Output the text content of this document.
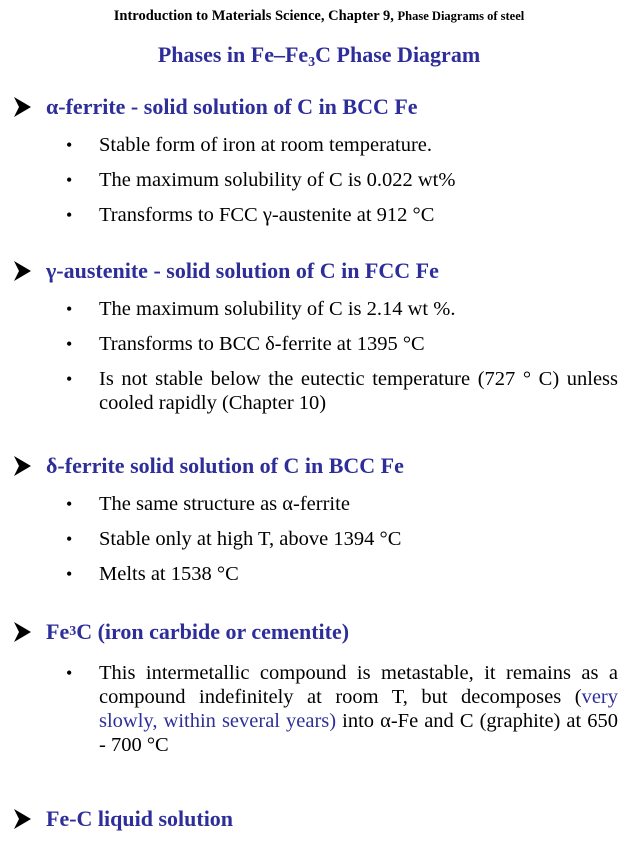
Introduction to Materials Science, Chapter 9, Phase Diagrams of steel
Phases in $Fe-Fe_3C$ Phase Diagram
α-ferrite - solid solution of C in BCC Fe
• Stable form of iron at room temperature.
• The maximum solubility of C is 0.022 wt%
• Transforms to FCC γ-austenite at 912 °C
γ-austenite - solid solution of C in FCC Fe
• The maximum solubility of C is 2.14 wt %.
• Transforms to BCC δ-ferrite at 1395 °C
• Is not stable below the eutectic temperature (727 ° C) unless cooled rapidly (Chapter 10)
δ-ferrite solid solution of C in BCC Fe
• The same structure as α-ferrite
• Stable only at high T, above 1394 °C
• Melts at 1538 °C
Fe 3 C (iron carbide or cementite)
• This intermetallic compound is metastable, it remains as a compound indefinitely at room T, but decomposes (very slowly, within several years) into α-Fe and C (graphite) at 650 - 700 °C
Fe-C liquid solution
